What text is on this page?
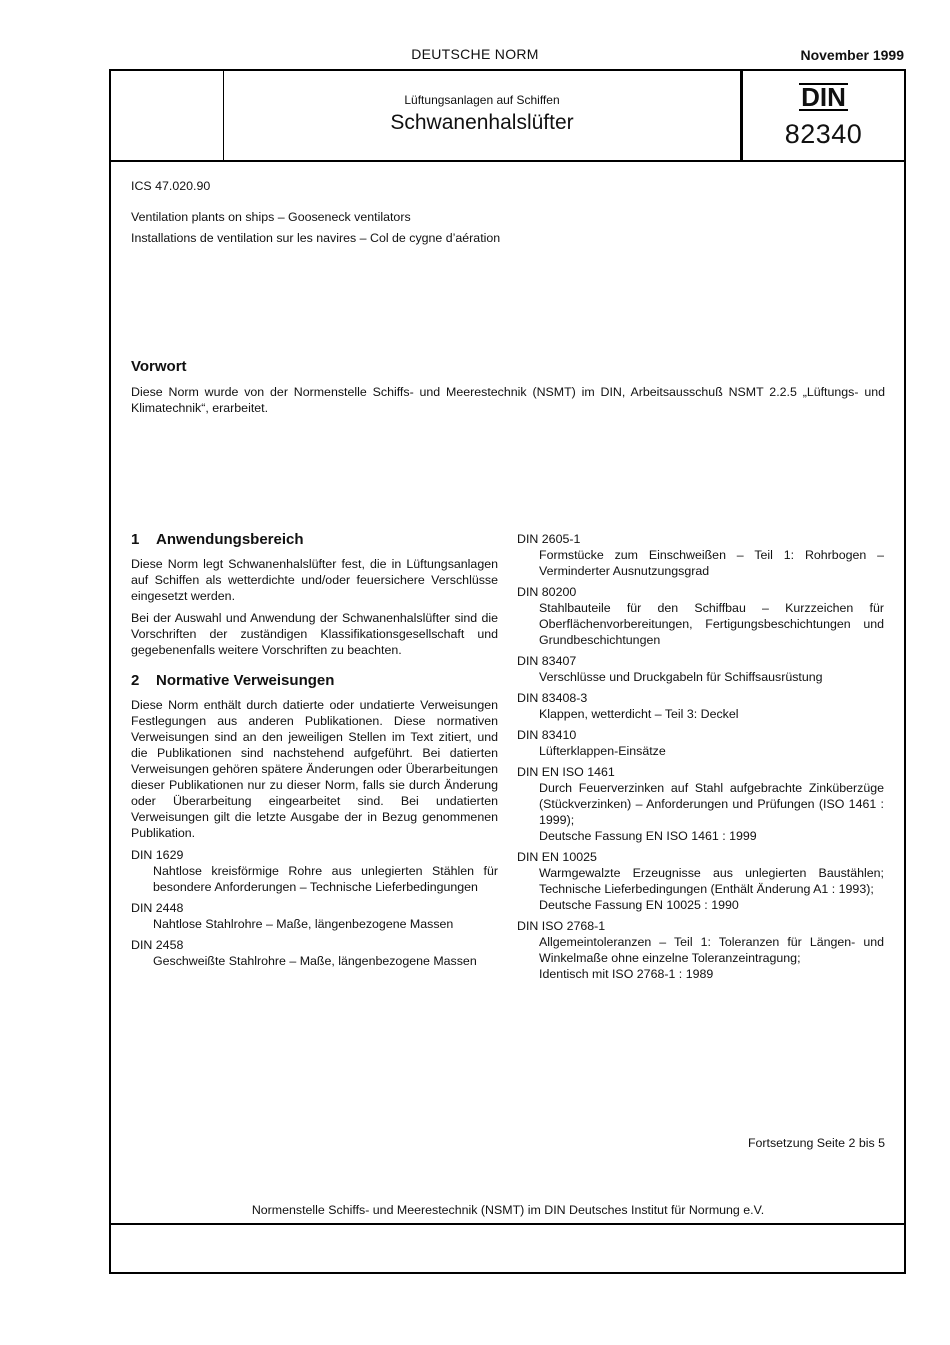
DEUTSCHE NORM	November 1999
Lüftungsanlagen auf Schiffen
Schwanenhalslüfter
DIN
82340
ICS 47.020.90
Ventilation plants on ships – Gooseneck ventilators
Installations de ventilation sur les navires – Col de cygne d’aération
Vorwort
Diese Norm wurde von der Normenstelle Schiffs- und Meerestechnik (NSMT) im DIN, Arbeitsausschuß NSMT 2.2.5 „Lüftungs- und Klimatechnik“, erarbeitet.
1 Anwendungsbereich

Diese Norm legt Schwanenhalslüfter fest, die in Lüftungsanlagen auf Schiffen als wetterdichte und/oder feuersichere Verschlüsse eingesetzt werden.

Bei der Auswahl und Anwendung der Schwanenhalslüfter sind die Vorschriften der zuständigen Klassifikationsgesellschaft und gegebenenfalls weitere Vorschriften zu beachten.

2 Normative Verweisungen

Diese Norm enthält durch datierte oder undatierte Verweisungen Festlegungen aus anderen Publikationen. Diese normativen Verweisungen sind an den jeweiligen Stellen im Text zitiert, und die Publikationen sind nachstehend aufgeführt. Bei datierten Verweisungen gehören spätere Änderungen oder Überarbeitungen dieser Publikationen nur zu dieser Norm, falls sie durch Änderung oder Überarbeitung eingearbeitet sind. Bei undatierten Verweisungen gilt die letzte Ausgabe der in Bezug genommenen Publikation.

DIN 1629
Nahtlose kreisförmige Rohre aus unlegierten Stählen für besondere Anforderungen – Technische Lieferbedingungen
DIN 2448
Nahtlose Stahlrohre – Maße, längenbezogene Massen
DIN 2458
Geschweißte Stahlrohre – Maße, längenbezogene Massen
DIN 2605-1
Formstücke zum Einschweißen – Teil 1: Rohrbogen – Verminderter Ausnutzungsgrad
DIN 80200
Stahlbauteile für den Schiffbau – Kurzzeichen für Oberflächenvorbereitungen, Fertigungsbeschichtungen und Grundbeschichtungen
DIN 83407
Verschlüsse und Druckgabeln für Schiffsausrüstung
DIN 83408-3
Klappen, wetterdicht – Teil 3: Deckel
DIN 83410
Lüfterklappen-Einsätze
DIN EN ISO 1461
Durch Feuerverzinken auf Stahl aufgebrachte Zinküberzüge (Stückverzinken) – Anforderungen und Prüfungen (ISO 1461 : 1999);
Deutsche Fassung EN ISO 1461 : 1999
DIN EN 10025
Warmgewalzte Erzeugnisse aus unlegierten Baustählen; Technische Lieferbedingungen (Enthält Änderung A1 : 1993);
Deutsche Fassung EN 10025 : 1990
DIN ISO 2768-1
Allgemeintoleranzen – Teil 1: Toleranzen für Längen- und Winkelmaße ohne einzelne Toleranzeintragung;
Identisch mit ISO 2768-1 : 1989
Fortsetzung Seite 2 bis 5
Normenstelle Schiffs- und Meerestechnik (NSMT) im DIN Deutsches Institut für Normung e.V.
